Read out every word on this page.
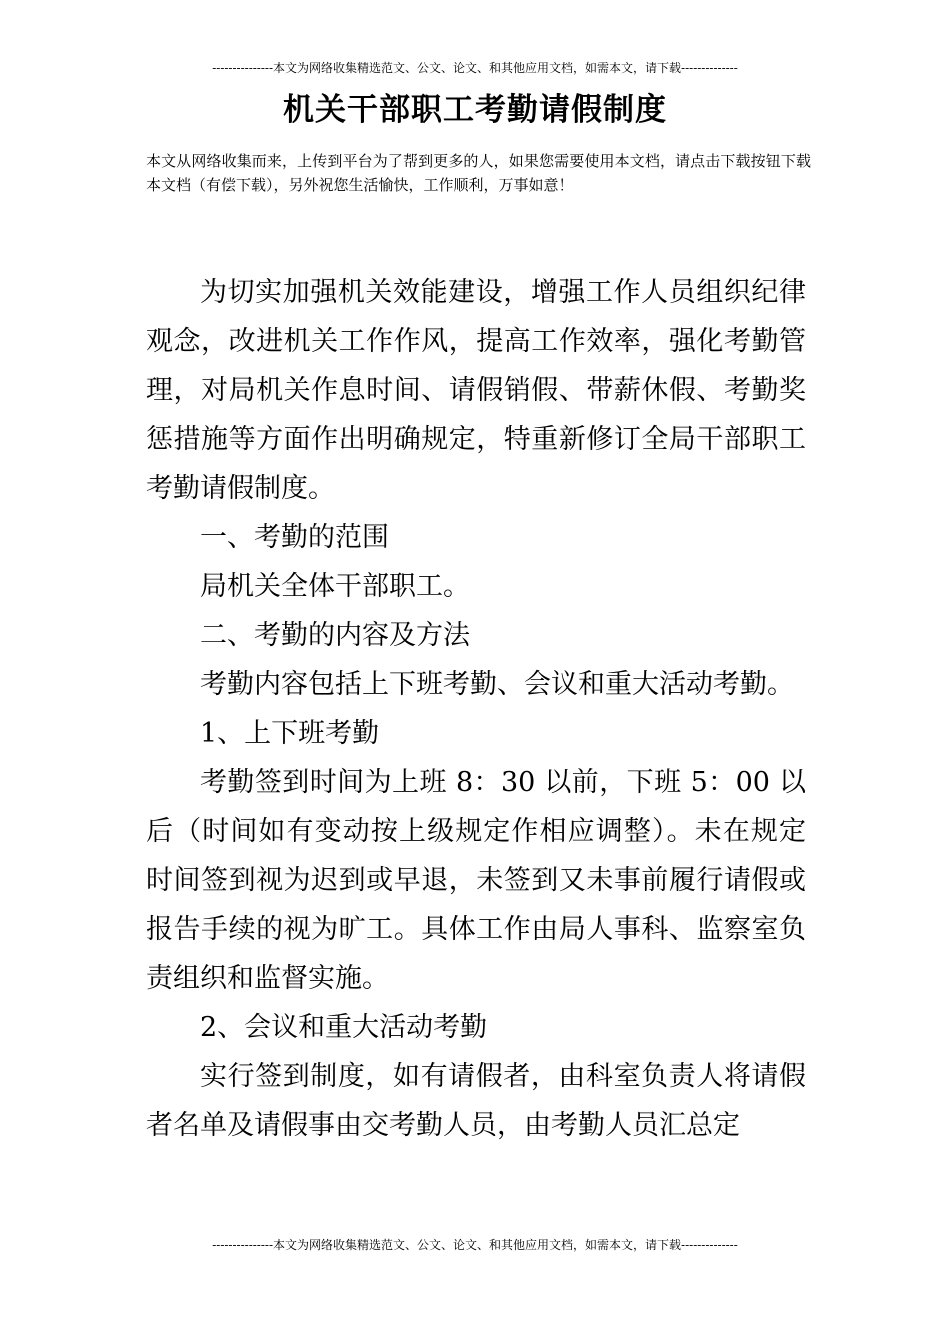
---------------本文为网络收集精选范文、公文、论文、和其他应用文档，如需本文，请下载--------------
机关干部职工考勤请假制度
本文从网络收集而来，上传到平台为了帮到更多的人，如果您需要使用本文档，请点击下载按钮下载本文档（有偿下载），另外祝您生活愉快，工作顺利，万事如意！

为切实加强机关效能建设，增强工作人员组织纪律观念，改进机关工作作风，提高工作效率，强化考勤管理，对局机关作息时间、请假销假、带薪休假、考勤奖惩措施等方面作出明确规定，特重新修订全局干部职工考勤请假制度。

一、考勤的范围

局机关全体干部职工。

二、考勤的内容及方法

考勤内容包括上下班考勤、会议和重大活动考勤。

1、上下班考勤

考勤签到时间为上班 8：30 以前，下班 5：00 以后（时间如有变动按上级规定作相应调整）。未在规定时间签到视为迟到或早退，未签到又未事前履行请假或报告手续的视为旷工。具体工作由局人事科、监察室负责组织和监督实施。

2、会议和重大活动考勤

实行签到制度，如有请假者，由科室负责人将请假者名单及请假事由交考勤人员，由考勤人员汇总定

---------------本文为网络收集精选范文、公文、论文、和其他应用文档，如需本文，请下载--------------
